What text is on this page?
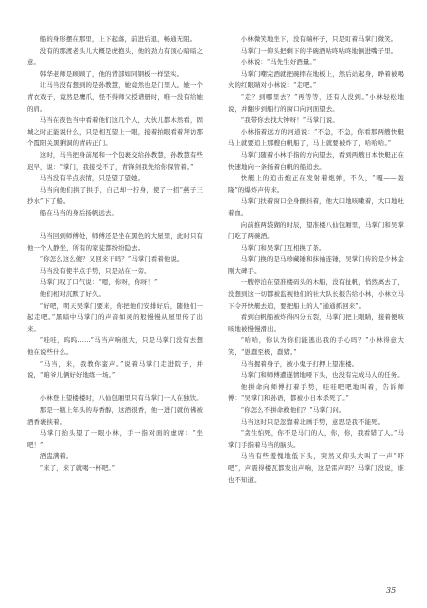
船的身形摆在那里，上下起落，前进后退，畅通无阻。

没有的那渡老头儿大概是虎抱头，他的劲力有顶心暗暗之意。

韩华老师是顾顾了，他的背部如同钢板一样坚实。

让马当没有想到的是孙教慧，她竟然也是门里人。她一个青衣戏子，竟然是鹰爪，怪不得师父授谱册时，唯一没有给她的肩。

马当在夜色当中看着他们这几个人，大伙儿都木然看，固城之时正能说什么，只是相互望上一眼，接着拍眼看着拜访那个霞阳关黑猁洞的青砖正门。

这时，马当把身前尾和一个包裹交给孙教慧，孙教慧有些迟早，说：“掌门，我接受不了，青锋剑我先给你保管着。”

马当没有半点表情，只是望了望她。

马当向他们拱了拱手，自己却一拧身，使了一招“燕子三抄水”下了船。

船在马当的身后扬帆远去。

马当回到师傅处，师傅还是坐在黑色的大屋里，此时只有他一个人静坐，所有的家徒都纷纷隐去。

“你怎么这么傻？又回来干吗？”马掌门看着他说。

马当没有使半点手势，只是站在一旁。

马掌门叹了口气说：“嗯，你呀，你呀！”

他们相对沉默了好久。

“好吧，明天吴掌门要来，你把他们安排好后，随他们一起走吧。”黑暗中马掌门的声音如灵的般慢慢从屋里传了出来。

“哇哇，呜呜……”马当声响很大，只是马掌门没有去想他在说些什么。

“马当，来，我教你蛮声。”说着马掌门走进院子，并说，“咱爷儿俩好好地练一场。”

小林登上望楼楼时，八仙包厢里只有马掌门一人在独饮。

那是一瓶上年头的寿香醇，这酒很香，他一进门就仿佛被酒香裹挟着。

马掌门抬头望了一眼小林，手一指对面的虚席：“坐吧！”

酒盅满着。

“来了，来了就喝一杯吧。”

小林微笑地坐下，没有端杯子，只是盯着马掌门微笑。

马掌门一仰头把剩下的半碗酒咕咚咕咚地倒进嘴子里。

小林说：“马先生好酒量。”

马掌门嘲完酒就把碗摔在地板上，然后站起身，睁着被喝火的红眼睛对小林说：“走吧。”

“走？到哪里去？”再等等，还有人没到。”小林轻松地说，并翻步到船行的窗口向河面望去。

“我带你去找大钟呀！”马掌门说。

小林指着远方的河道说：“不急，不急，你看那两艘快艇马上就要追上那艘白帆船了，马上就要被炸了，哈哈哈。”

马掌门随着小林手指的方向望去，看到两艘日本快艇正在快速地向一条扬着白帆的船追去。

快艇上的追击炮正在发射着炮弹，不久，“嘎——轰隆”的爆炸声传来。

马掌门扶着窗口全身颤抖着，他大口地咳嗽着，大口地吐着血。

向前推两袋猢的时辰，望准楼八仙包厢里，马掌门和吴掌门吃了两碗酒。

马掌门和吴掌门互相换了茶。

马掌门换的是马珍藏锤和抹袖连锤，吴掌门传的是少林金刚大碑手。

一艘停泊在望准楼码头的木船，没有扯帆，悄然离去了，没想到这一切都被监视他们的社大队长报告给小林，小林立马下令开快艇去追，要把船上的人“通通抓回来”。

看到白帆船被炸得四分五裂，马掌门把上眼睛，接着便咳咳地被慢慢滑出。

“哈哈，你认为你们能逃出我的手心吗？”小林得意大笑，“愚蠢至极，蠢猪。”

马当握着身子，被小鬼子打押上望准楼。

马掌门和师傅遭遂情地哑下头，也没有完成马人的任务。

他拼命向师傅打着手势，哇哇吧吧地叫着，告诉师傅：“吴掌门和孙语，都被小日本杀死了。”

“你怎么不拼命救他们？”马掌门问。

马当这时只是忽靠着北画手势，意思是我不能死。

“贪生怕死，你不是马门的人，你，你，我看错了人。”马掌门手指着马当的脑头。

马当有些羞愧地低下头，突然又仰头大叫了一声“吓吧”，声震得楼瓦都发出声响，这是雷声吗？马掌门没说，谁也不知道。

35
